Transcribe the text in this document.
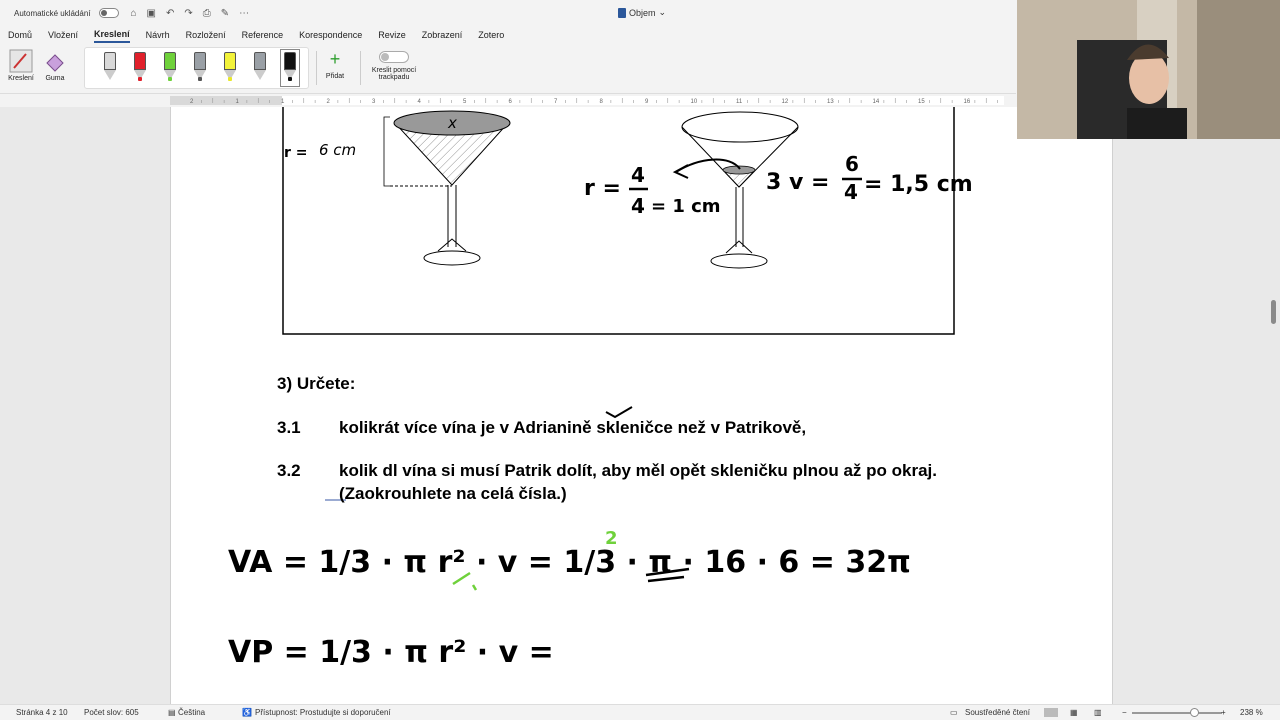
Automatické ukládání	⌂ ▣ ↶ ↷ ⎙ ✎ ⋯	Objem ⌄
Domů Vložení Kreslení Návrh Rozložení Reference Korespondence Revize Zobrazení Zotero
Kreslení	Guma
+
Přidat
Kreslit pomocí
trackpadu
2	1	1	2	3	4	5	6	7	8	9	10	11	12	13	14	15	16
x
r = 6 cm
r =
4
4 = 1 cm
3 v =
6
4 = 1,5 cm
VA = 1/3 · π r² · v = 1/3 · π · 16 · 6 = 32π
2
VP = 1/3 · π r² · v =
3) Určete:
3.1 kolikrát více vína je v Adrianině skleničce než v Patrikově,
3.2 kolik dl vína si musí Patrik dolít, aby měl opět skleničku plnou až po okraj.
(Zaokrouhlete na celá čísla.)
Stránka 4 z 10 Počet slov: 605	▤ Čeština	♿ Přístupnost: Prostudujte si doporučení	▭ Soustředěné čtení	▦ ▥	−	+ 238 %
